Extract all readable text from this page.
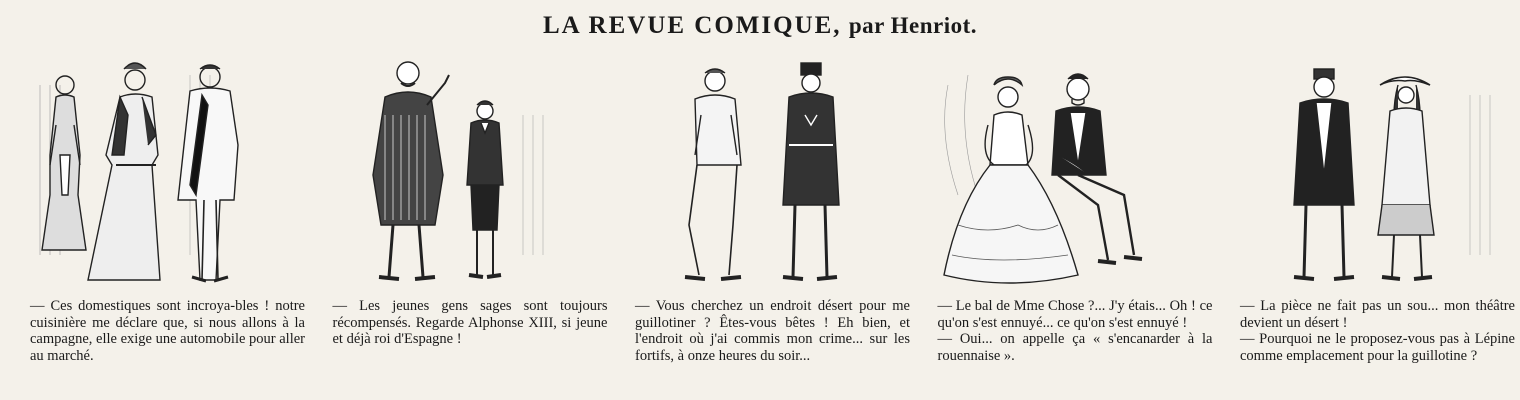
LA REVUE COMIQUE, par Henriot.

— Ces domestiques sont incroya-bles ! notre cuisinière me déclare que, si nous allons à la campagne, elle exige une automobile pour aller au marché.

— Les jeunes gens sages sont toujours récompensés. Regarde Alphonse XIII, si jeune et déjà roi d'Espagne !

— Vous cherchez un endroit désert pour me guillotiner ? Êtes-vous bêtes ! Eh bien, et l'endroit où j'ai commis mon crime... sur les fortifs, à onze heures du soir...

— Le bal de Mme Chose ?... J'y étais... Oh ! ce qu'on s'est ennuyé... ce qu'on s'est ennuyé !

— Oui... on appelle ça « s'encanarder à la rouennaise ».

— La pièce ne fait pas un sou... mon théâtre devient un désert !

— Pourquoi ne le proposez-vous pas à Lépine comme emplacement pour la guillotine ?
